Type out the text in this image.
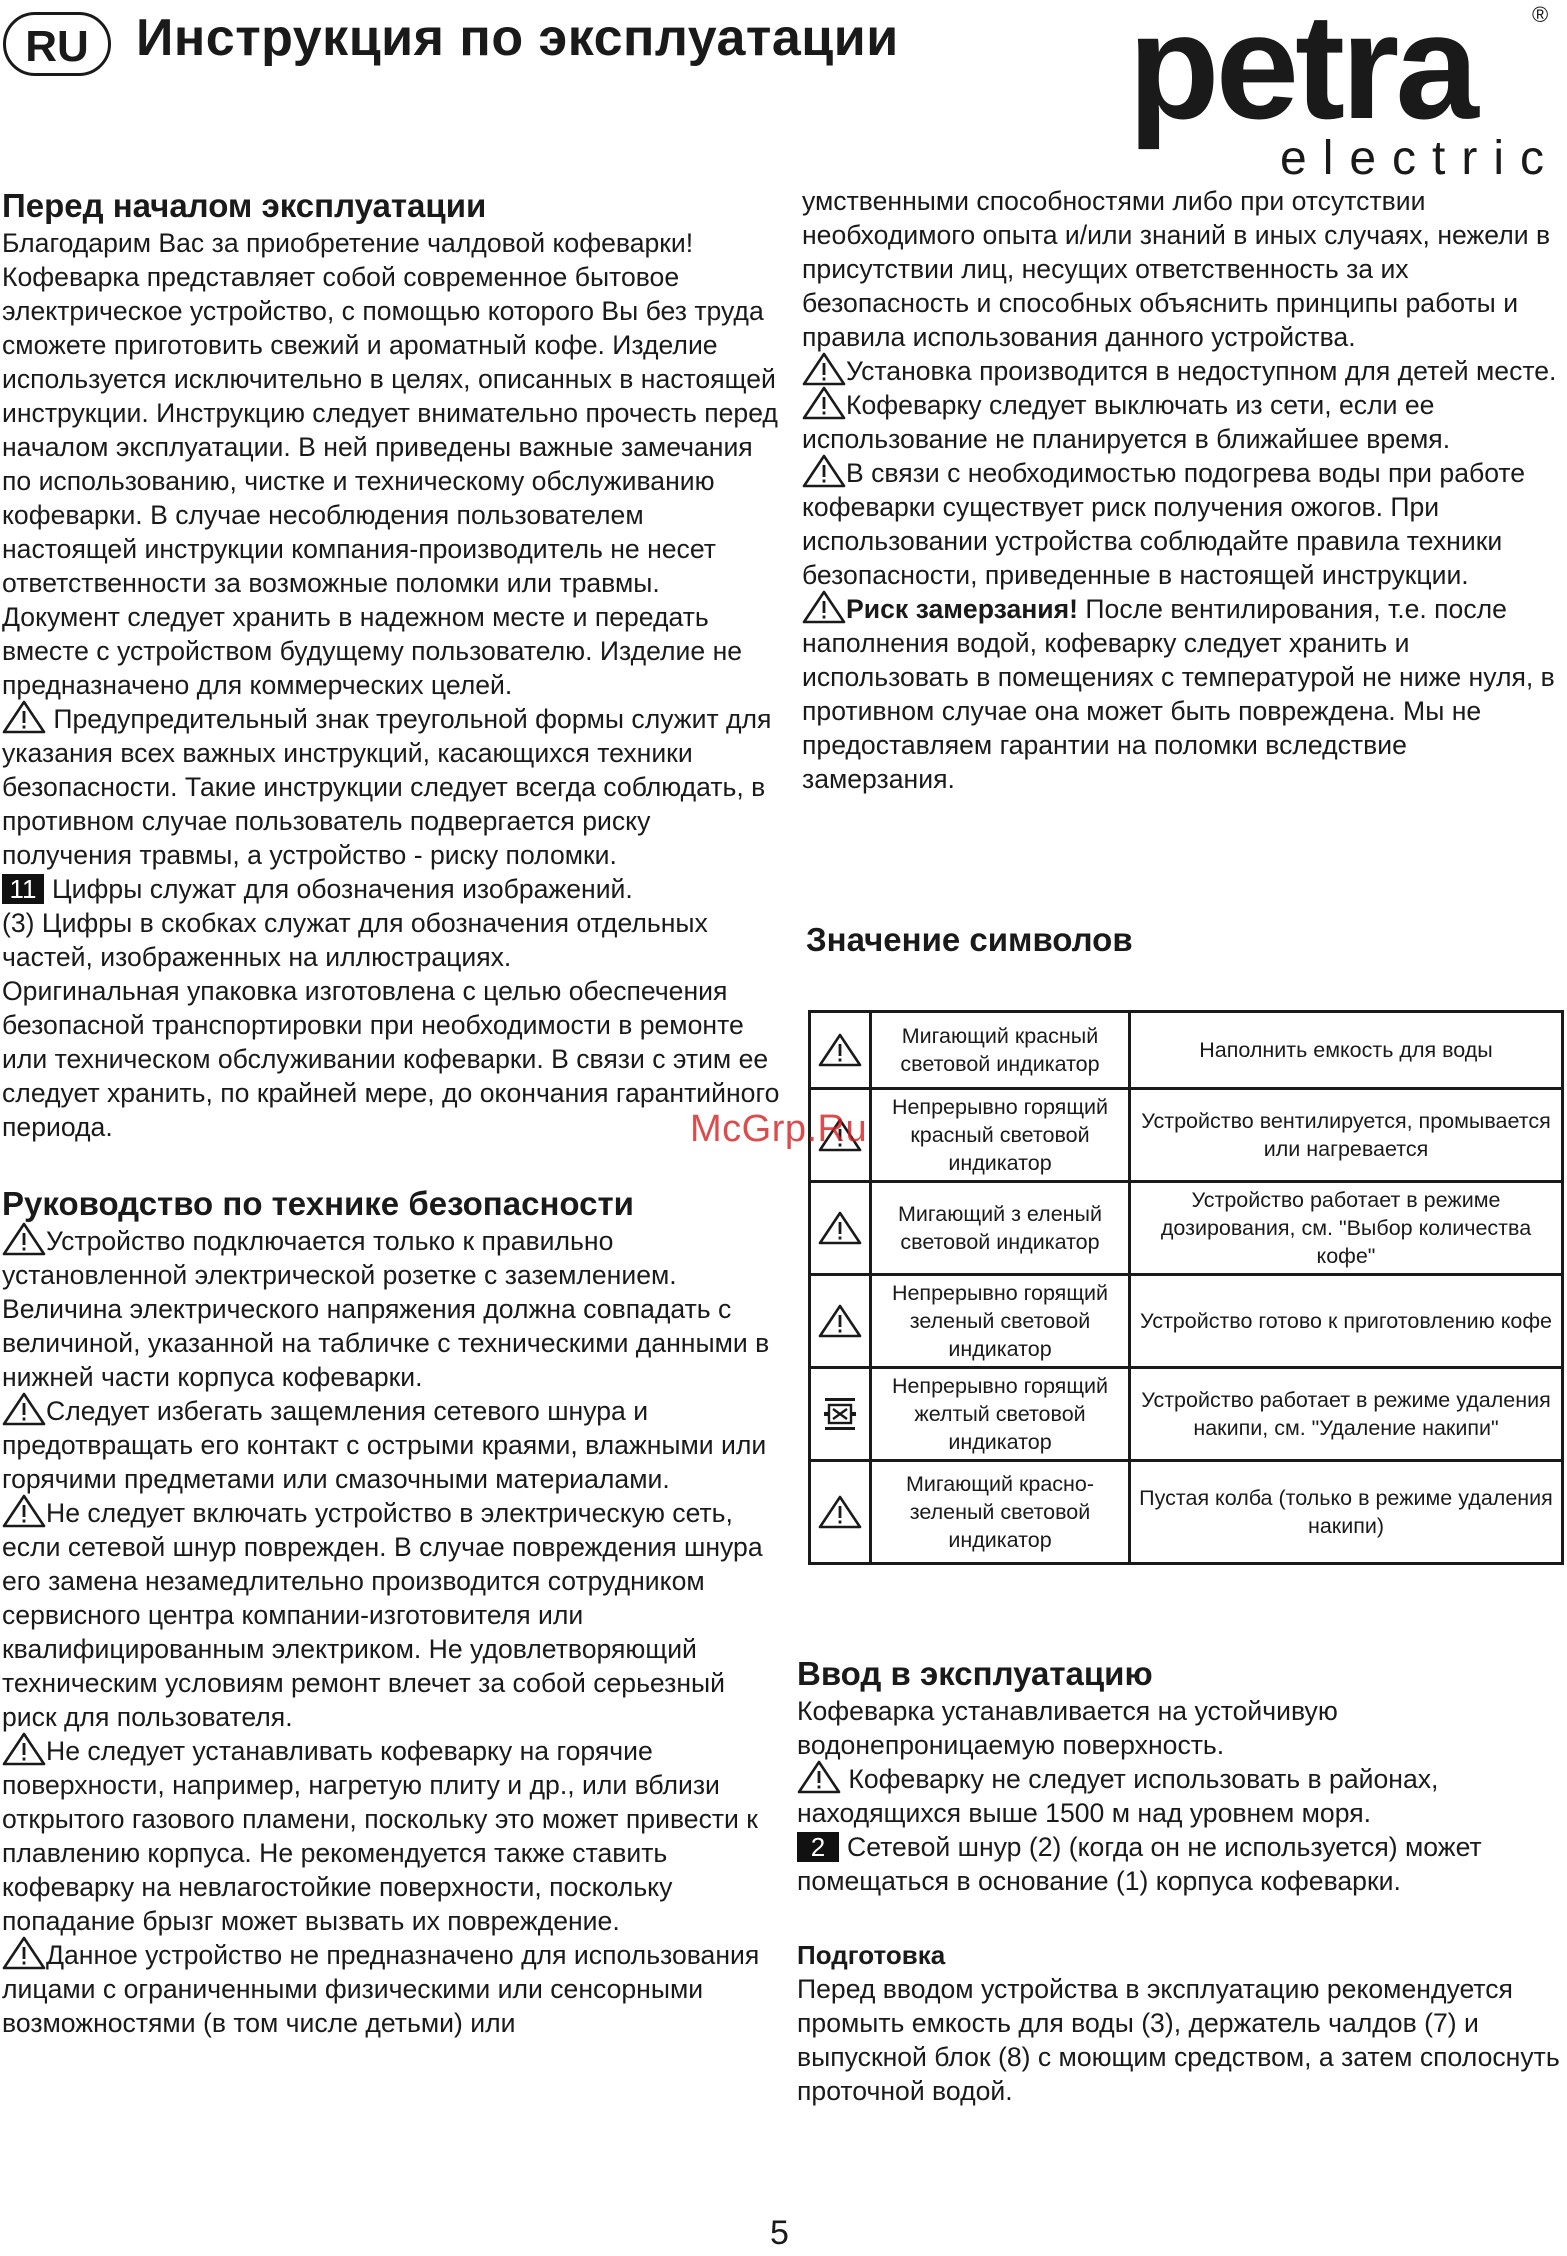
RU Инструкция по эксплуатации petra	®
electric
Перед началом эксплуатации

Благодарим Вас за приобретение чалдовой кофеварки! Кофеварка представляет собой современное бытовое электрическое устройство, с помощью которого Вы без труда сможете приготовить свежий и ароматный кофе. Изделие используется исключительно в целях, описанных в настоящей инструкции. Инструкцию следует внимательно прочесть перед началом эксплуатации. В ней приведены важные замечания по использованию, чистке и техническому обслуживанию кофеварки. В случае несоблюдения пользователем настоящей инструкции компания-производитель не несет ответственности за возможные поломки или травмы. Документ следует хранить в надежном месте и передать вместе с устройством будущему пользователю. Изделие не предназначено для коммерческих целей.

Предупредительный знак треугольной формы служит для указания всех важных инструкций, касающихся техники безопасности. Такие инструкции следует всегда соблюдать, в противном случае пользователь подвергается риску получения травмы, а устройство - риску поломки.

11 Цифры служат для обозначения изображений.

(3) Цифры в скобках служат для обозначения отдельных частей, изображенных на иллюстрациях.

Оригинальная упаковка изготовлена с целью обеспечения безопасной транспортировки при необходимости в ремонте или техническом обслуживании кофеварки. В связи с этим ее следует хранить, по крайней мере, до окончания гарантийного периода.

Руководство по технике безопасности

Устройство подключается только к правильно установленной электрической розетке с заземлением. Величина электрического напряжения должна совпадать с величиной, указанной на табличке с техническими данными в нижней части корпуса кофеварки.

Следует избегать защемления сетевого шнура и предотвращать его контакт с острыми краями, влажными или горячими предметами или смазочными материалами.

Не следует включать устройство в электрическую сеть, если сетевой шнур поврежден. В случае повреждения шнура его замена незамедлительно производится сотрудником сервисного центра компании-изготовителя или квалифицированным электриком. Не удовлетворяющий техническим условиям ремонт влечет за собой серьезный риск для пользователя.

Не следует устанавливать кофеварку на горячие поверхности, например, нагретую плиту и др., или вблизи открытого газового пламени, поскольку это может привести к плавлению корпуса. Не рекомендуется также ставить кофеварку на невлагостойкие поверхности, поскольку попадание брызг может вызвать их повреждение.

Данное устройство не предназначено для использования лицами с ограниченными физическими или сенсорными возможностями (в том числе детьми) или

умственными способностями либо при отсутствии необходимого опыта и/или знаний в иных случаях, нежели в присутствии лиц, несущих ответственность за их безопасность и способных объяснить принципы работы и правила использования данного устройства.

Установка производится в недоступном для детей месте.

Кофеварку следует выключать из сети, если ее использование не планируется в ближайшее время.

В связи с необходимостью подогрева воды при работе кофеварки существует риск получения ожогов. При использовании устройства соблюдайте правила техники безопасности, приведенные в настоящей инструкции.

Риск замерзания! После вентилирования, т.е. после наполнения водой, кофеварку следует хранить и использовать в помещениях с температурой не ниже нуля, в противном случае она может быть повреждена. Мы не предоставляем гарантии на поломки вследствие замерзания.

Значение символов
	Мигающий красный световой индикатор	Наполнить емкость для воды

	Непрерывно горящий красный световой индикатор	Устройство вентилируется, промывается или нагревается

	Мигающий з еленый световой индикатор	Устройство работает в режиме дозирования, см. "Выбор количества кофе"

	Непрерывно горящий зеленый световой индикатор	Устройство готово к приготовлению кофе

	Непрерывно горящий желтый световой индикатор	Устройство работает в режиме удаления накипи, см. "Удаление накипи"

	Мигающий красно-зеленый световой индикатор	Пустая колба (только в режиме удаления накипи)
McGrp.Ru
Ввод в эксплуатацию

Кофеварка устанавливается на устойчивую водонепроницаемую поверхность.

Кофеварку не следует использовать в районах, находящихся выше 1500 м над уровнем моря.

2 Сетевой шнур (2) (когда он не используется) может помещаться в основание (1) корпуса кофеварки.

Подготовка

Перед вводом устройства в эксплуатацию рекомендуется промыть емкость для воды (3), держатель чалдов (7) и выпускной блок (8) с моющим средством, а затем сполоснуть проточной водой.

5
